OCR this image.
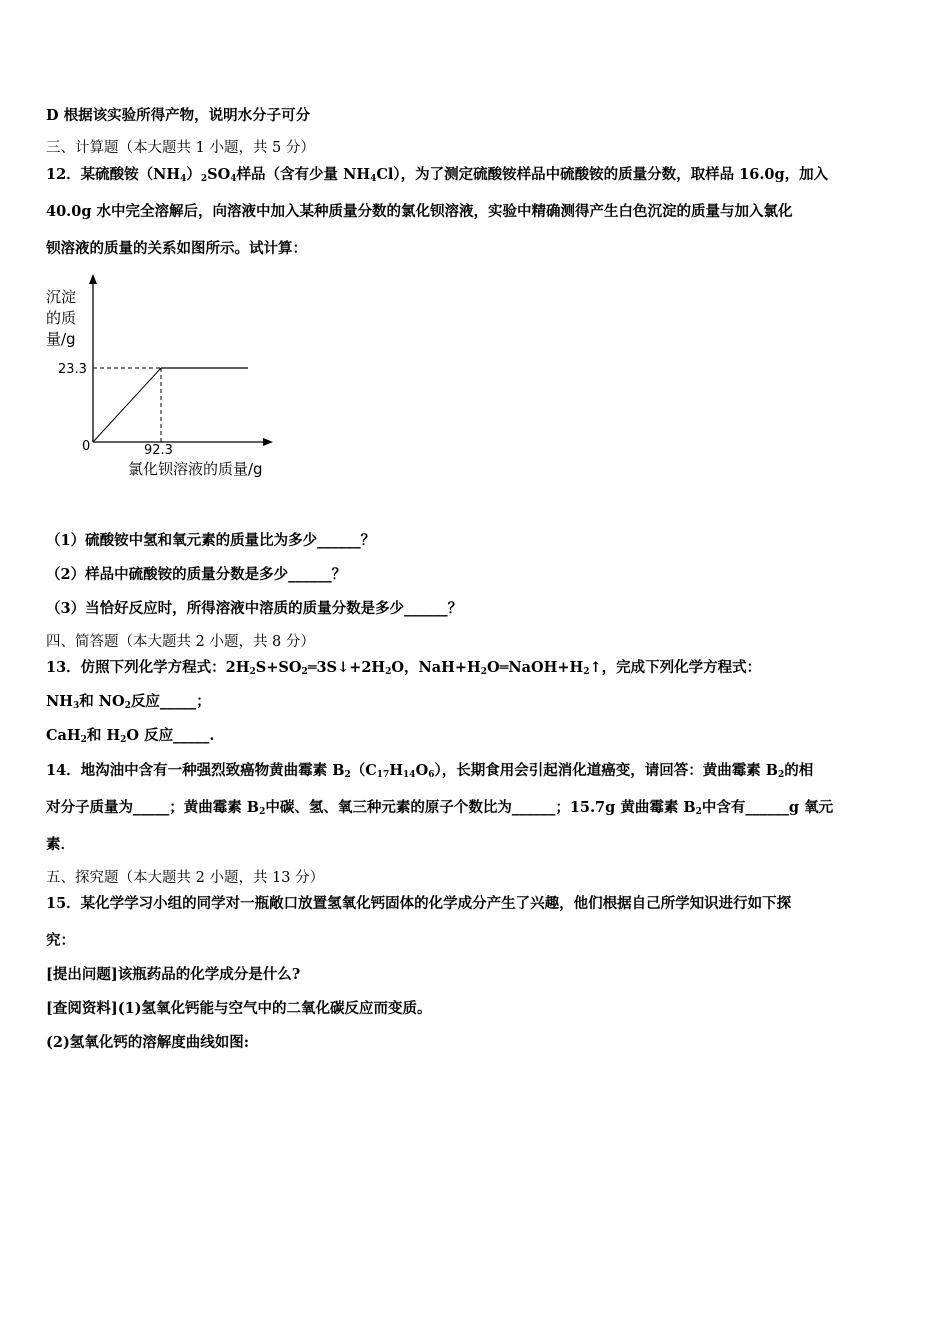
D 根据该实验所得产物，说明水分子可分
三、计算题（本大题共 1 小题，共 5 分）
12．某硫酸铵$(NH_4)_2SO_4$样品（含有少量 $NH_4Cl$），为了测定硫酸铵样品中硫酸铵的质量分数，取样品 16.0g，加入
40.0g 水中完全溶解后，向溶液中加入某种质量分数的氯化钡溶液，实验中精确测得产生白色沉淀的质量与加入氯化
钡溶液的质量的关系如图所示。试计算：
沉淀
的质
量/g
23.3
0	92.3
氯化钡溶液的质量/g
（1）硫酸铵中氢和氧元素的质量比为多少______？
（2）样品中硫酸铵的质量分数是多少______？
（3）当恰好反应时，所得溶液中溶质的质量分数是多少______？
四、简答题（本大题共 2 小题，共 8 分）
13．仿照下列化学方程式：$2H_2S+SO_2═3S↓+2H_2O$，$NaH+H_2O═NaOH+H_2↑$，完成下列化学方程式：
$NH_3$和 $NO_2$反应_____；
CaH$_2$和 $H_2O$ 反应_____.
14．地沟油中含有一种强烈致癌物黄曲霉素 $B_2(C_{17}H_{14}O_6)$，长期食用会引起消化道癌变，请回答：黄曲霉素 $B_2$的相
对分子质量为_____；黄曲霉素 $B_2$中碳、氢、氧三种元素的原子个数比为______；15.7g 黄曲霉素 $B_2$中含有______g 氧元
素．
五、探究题（本大题共 2 小题，共 13 分）
15．某化学学习小组的同学对一瓶敞口放置氢氧化钙固体的化学成分产生了兴趣，他们根据自己所学知识进行如下探
究：
[提出问题]该瓶药品的化学成分是什么?
[查阅资料](1)氢氧化钙能与空气中的二氧化碳反应而变质。
(2)氢氧化钙的溶解度曲线如图:
